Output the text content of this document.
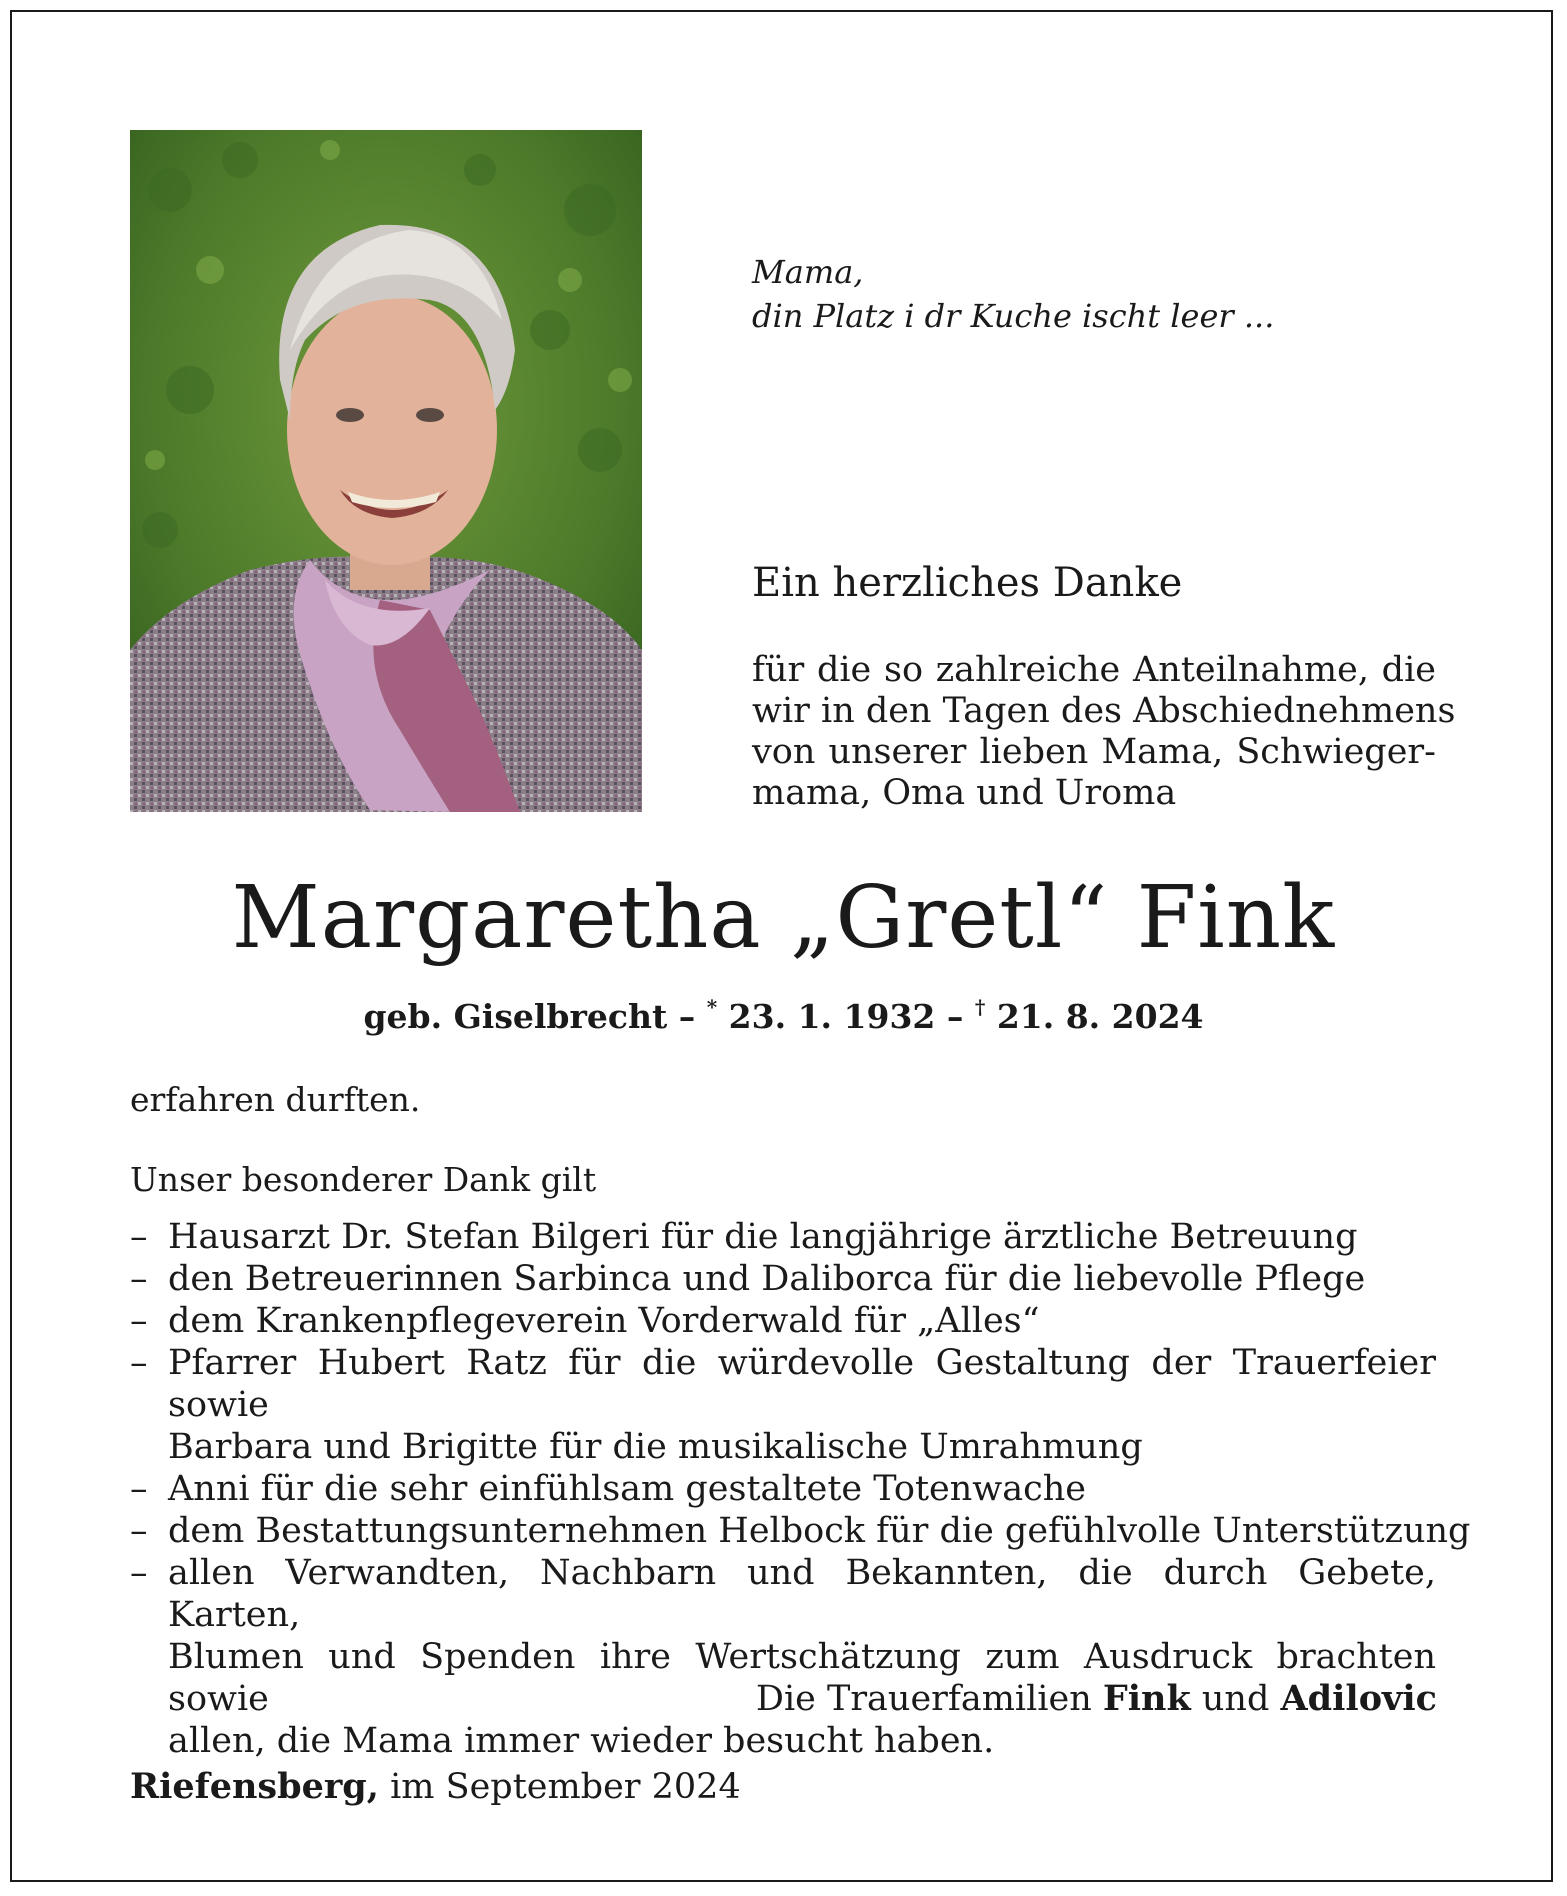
Mama,
din Platz i dr Kuche ischt leer ...
Ein herzliches Danke
für die so zahlreiche Anteilnahme, die
wir in den Tagen des Abschiednehmens
von unserer lieben Mama, Schwieger-
mama, Oma und Uroma
Margaretha „Gretl“ Fink
geb. Giselbrecht – * 23. 1. 1932 – † 21. 8. 2024
erfahren durften.
Unser besonderer Dank gilt
– Hausarzt Dr. Stefan Bilgeri für die langjährige ärztliche Betreuung
– den Betreuerinnen Sarbinca und Daliborca für die liebevolle Pflege
– dem Krankenpflegeverein Vorderwald für „Alles“
– Pfarrer Hubert Ratz für die würdevolle Gestaltung der Trauerfeier sowie
Barbara und Brigitte für die musikalische Umrahmung
– Anni für die sehr einfühlsam gestaltete Totenwache
– dem Bestattungsunternehmen Helbock für die gefühlvolle Unterstützung
– allen Verwandten, Nachbarn und Bekannten, die durch Gebete, Karten,
Blumen und Spenden ihre Wertschätzung zum Ausdruck brachten sowie
allen, die Mama immer wieder besucht haben.
Die Trauerfamilien Fink und Adilovic
Riefensberg, im September 2024
